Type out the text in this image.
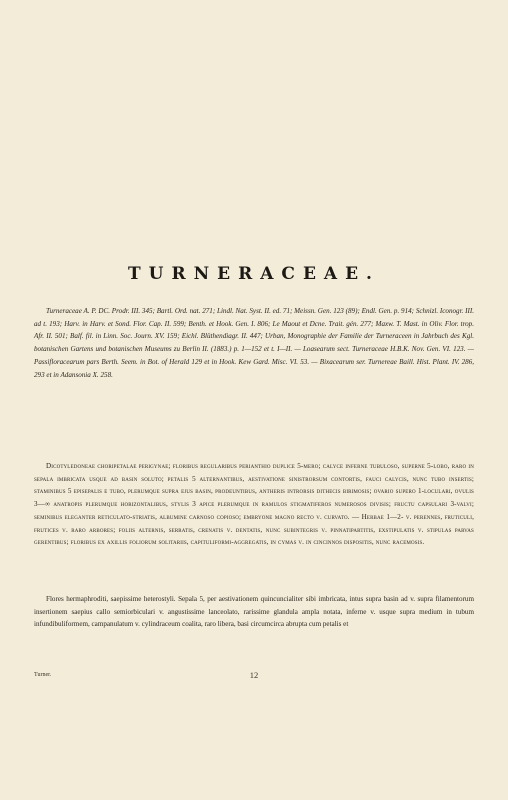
TURNERACEAE.

Turneraceae A. P. DC. Prodr. III. 345; Bartl. Ord. nat. 271; Lindl. Nat. Syst. II. ed. 71; Meissn. Gen. 123 (89); Endl. Gen. p. 914; Schnizl. Iconogr. III. ad t. 193; Harv. in Harv. et Sond. Flor. Cap. II. 599; Benth. et Hook. Gen. I. 806; Le Maout et Dcne. Trait. gén. 277; Maxw. T. Mast. in Oliv. Flor. trop. Afr. II. 501; Balf. fil. in Linn. Soc. Journ. XV. 159; Eichl. Blüthendiagr. II. 447; Urban, Monographie der Familie der Turneraceen in Jahrbuch des Kgl. botanischen Gartens und botanischen Museums zu Berlin II. (1883.) p. 1—152 et t. I—II. — Loasearum sect. Turneraceae H.B.K. Nov. Gen. VI. 123. — Passifloracearum pars Berth. Seem. in Bot. of Herald 129 et in Hook. Kew Gard. Misc. VI. 53. — Bixacearum ser. Turnereae Baill. Hist. Plant. IV. 286, 293 et in Adansonia X. 258.

Dicotyledoneae choripetalae perigynae; floribus regularibus perianthio duplice 5-mero; calyce inferne tubuloso, superne 5-lobo, raro in sepala imbricata usque ad basin soluto; petalis 5 alternantibus, aestivatione sinistrorsum contortis, fauci calycis, nunc tubo insertis; staminibus 5 episepalis e tubo, plerumque supra ejus basin, prodeuntibus, antheris introrsis dithecis birimosis; ovario supero 1-loculari, ovulis 3—∞ anatropis plerumque horizontalibus, stylis 3 apice plerumque in ramulos stigmatiferos numerosos divisis; fructu capsulari 3-valvi; seminibus eleganter reticulato-striatis, albumine carnoso copioso; embryone magno recto v. curvato. — Herbae 1—2- v. perennes, fruticuli, frutices v. raro arbores; foliis alternis, serratis, crenatis v. dentatis, nunc subintegris v. pinnatipartitis, exstipulatis v. stipulas parvas gerentibus; floribus ex axillis foliorum solitariis, capituliformi-aggregatis, in cymas v. in cincinnos dispositis, nunc racemosis.

Flores hermaphroditi, saepissime heterostyli. Sepala 5, per aestivationem quincuncialiter sibi imbricata, intus supra basin ad v. supra filamentorum insertionem saepius callo semiorbiculari v. angustissime lanceolato, rarissime glandula ampla notata, inferne v. usque supra medium in tubum infundibuliformem, campanulatum v. cylindraceum coalita, raro libera, basi circumcirca abrupta cum petalis et

Turner.	12
